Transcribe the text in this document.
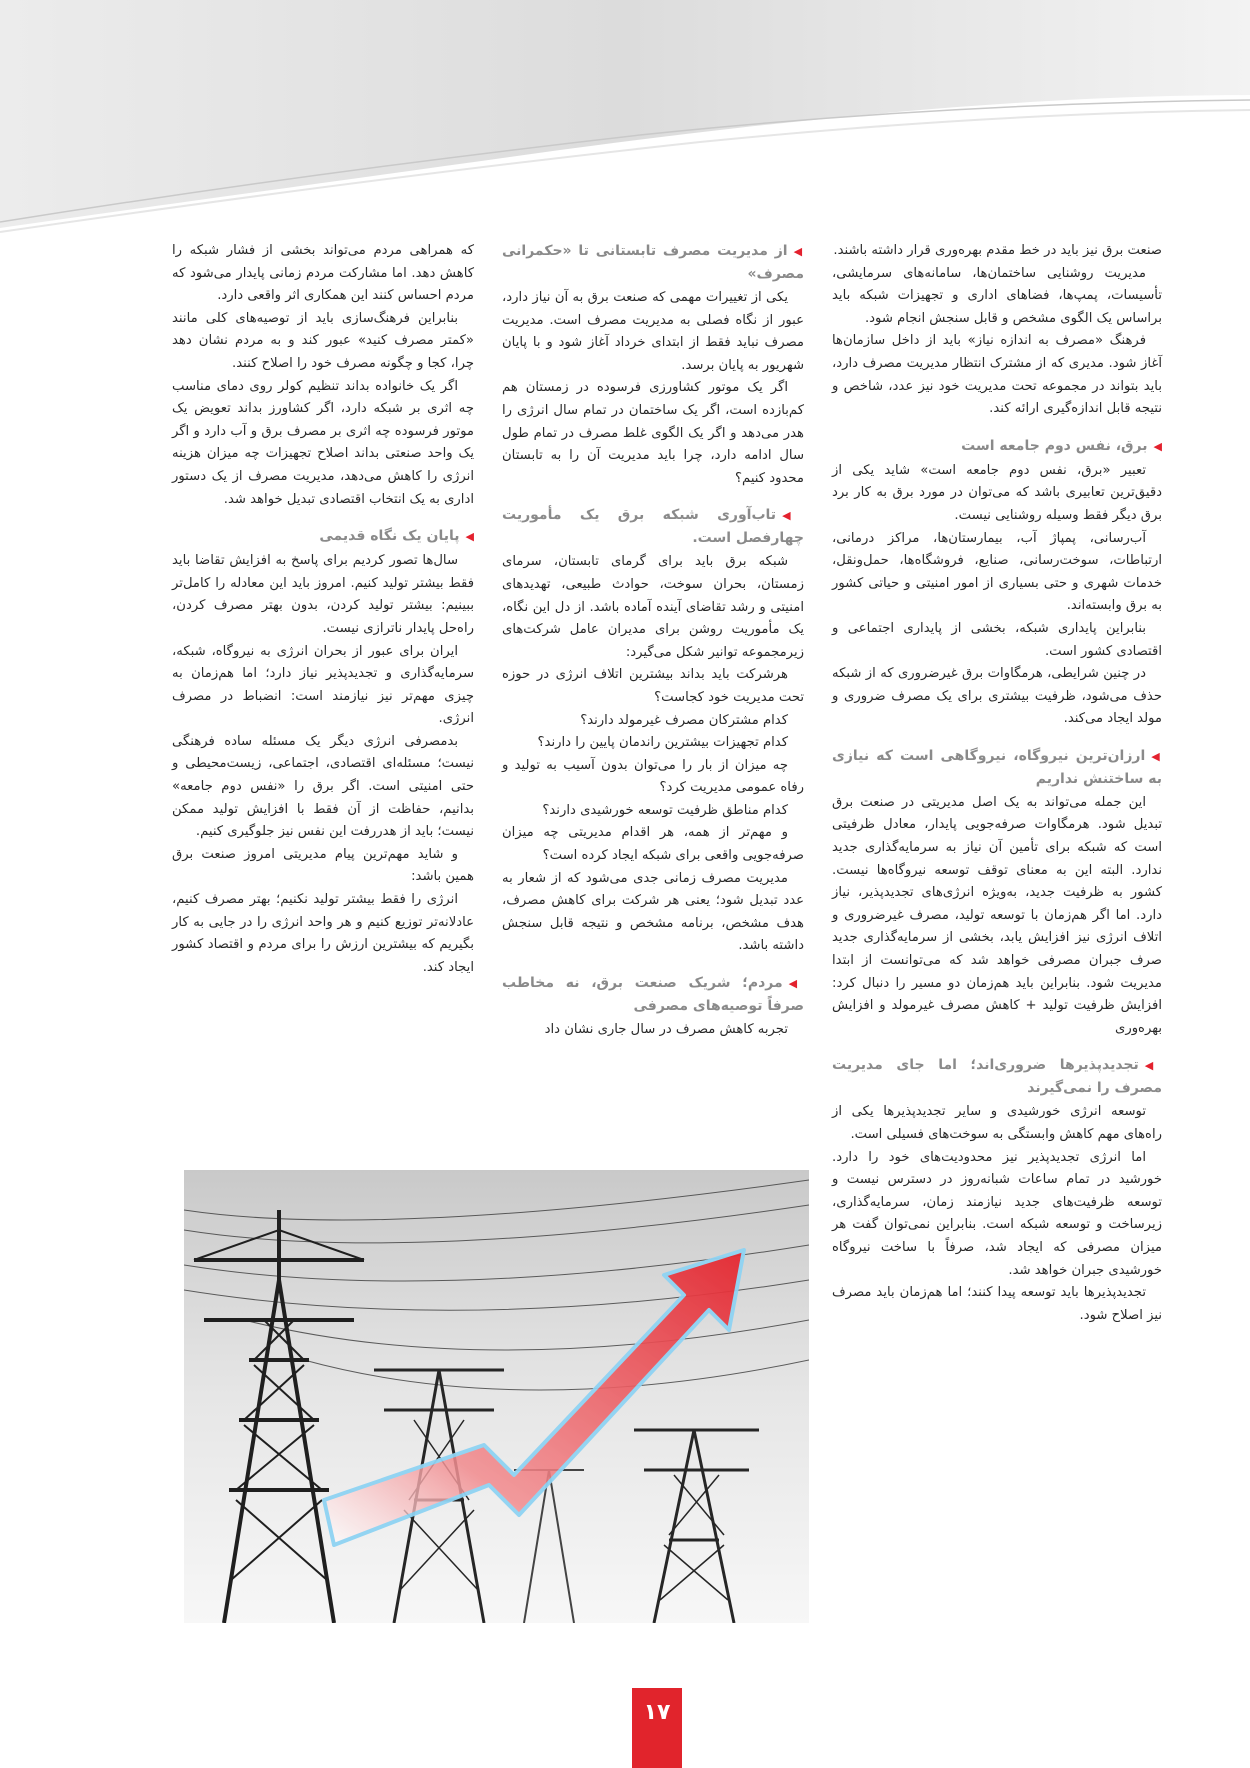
صنعت برق نیز باید در خط مقدم بهره‌وری قرار داشته باشند.

مدیریت روشنایی ساختمان‌ها، سامانه‌های سرمایشی، تأسیسات، پمپ‌ها، فضاهای اداری و تجهیزات شبکه باید براساس یک الگوی مشخص و قابل سنجش انجام شود.

فرهنگ «مصرف به اندازه نیاز» باید از داخل سازمان‌ها آغاز شود. مدیری که از مشترک انتظار مدیریت مصرف دارد، باید بتواند در مجموعه تحت مدیریت خود نیز عدد، شاخص و نتیجه قابل اندازه‌گیری ارائه کند.

◀برق، نفس دوم جامعه است

تعبیر «برق، نفس دوم جامعه است» شاید یکی از دقیق‌ترین تعابیری باشد که می‌توان در مورد برق به کار برد برق دیگر فقط وسیله روشنایی نیست.

آب‌رسانی، پمپاژ آب، بیمارستان‌ها، مراکز درمانی، ارتباطات، سوخت‌رسانی، صنایع، فروشگاه‌ها، حمل‌ونقل، خدمات شهری و حتی بسیاری از امور امنیتی و حیاتی کشور به برق وابسته‌اند.

بنابراین پایداری شبکه، بخشی از پایداری اجتماعی و اقتصادی کشور است.

در چنین شرایطی، هرمگاوات برق غیرضروری که از شبکه حذف می‌شود، ظرفیت بیشتری برای یک مصرف ضروری و مولد ایجاد می‌کند.

◀ارزان‌ترین نیروگاه، نیروگاهی است که نیازی به ساختنش نداریم

این جمله می‌تواند به یک اصل مدیریتی در صنعت برق تبدیل شود. هرمگاوات صرفه‌جویی پایدار، معادل ظرفیتی است که شبکه برای تأمین آن نیاز به سرمایه‌گذاری جدید ندارد. البته این به معنای توقف توسعه نیروگاه‌ها نیست. کشور به ظرفیت جدید، به‌ویژه انرژی‌های تجدیدپذیر، نیاز دارد. اما اگر هم‌زمان با توسعه تولید، مصرف غیرضروری و اتلاف انرژی نیز افزایش یابد، بخشی از سرمایه‌گذاری جدید صرف جبران مصرفی خواهد شد که می‌توانست از ابتدا مدیریت شود. بنابراین باید هم‌زمان دو مسیر را دنبال کرد: افزایش ظرفیت تولید + کاهش مصرف غیرمولد و افزایش بهره‌وری

◀تجدیدپذیرها ضروری‌اند؛ اما جای مدیریت مصرف را نمی‌گیرند

توسعه انرژی خورشیدی و سایر تجدیدپذیرها یکی از راه‌های مهم کاهش وابستگی به سوخت‌های فسیلی است.

اما انرژی تجدیدپذیر نیز محدودیت‌های خود را دارد. خورشید در تمام ساعات شبانه‌روز در دسترس نیست و توسعه ظرفیت‌های جدید نیازمند زمان، سرمایه‌گذاری، زیرساخت و توسعه شبکه است. بنابراین نمی‌توان گفت هر میزان مصرفی که ایجاد شد، صرفاً با ساخت نیروگاه خورشیدی جبران خواهد شد.

تجدیدپذیرها باید توسعه پیدا کنند؛ اما هم‌زمان باید مصرف نیز اصلاح شود.

◀از مدیریت مصرف تابستانی تا «حکمرانی مصرف»

یکی از تغییرات مهمی که صنعت برق به آن نیاز دارد، عبور از نگاه فصلی به مدیریت مصرف است. مدیریت مصرف نباید فقط از ابتدای خرداد آغاز شود و با پایان شهریور به پایان برسد.

اگر یک موتور کشاورزی فرسوده در زمستان هم کم‌بازده است، اگر یک ساختمان در تمام سال انرژی را هدر می‌دهد و اگر یک الگوی غلط مصرف در تمام طول سال ادامه دارد، چرا باید مدیریت آن را به تابستان محدود کنیم؟

◀تاب‌آوری شبکه برق یک مأموریت چهارفصل است.

شبکه برق باید برای گرمای تابستان، سرمای زمستان، بحران سوخت، حوادث طبیعی، تهدیدهای امنیتی و رشد تقاضای آینده آماده باشد. از دل این نگاه، یک مأموریت روشن برای مدیران عامل شرکت‌های زیرمجموعه توانیر شکل می‌گیرد:

هرشرکت باید بداند بیشترین اتلاف انرژی در حوزه تحت مدیریت خود کجاست؟

کدام مشترکان مصرف غیرمولد دارند؟

کدام تجهیزات بیشترین راندمان پایین را دارند؟

چه میزان از بار را می‌توان بدون آسیب به تولید و رفاه عمومی مدیریت کرد؟

کدام مناطق ظرفیت توسعه خورشیدی دارند؟

و مهم‌تر از همه، هر اقدام مدیریتی چه میزان صرفه‌جویی واقعی برای شبکه ایجاد کرده است؟

مدیریت مصرف زمانی جدی می‌شود که از شعار به عدد تبدیل شود؛ یعنی هر شرکت برای کاهش مصرف، هدف مشخص، برنامه مشخص و نتیجه قابل سنجش داشته باشد.

◀مردم؛ شریک صنعت برق، نه مخاطب صرفاً توصیه‌های مصرفی

تجربه کاهش مصرف در سال جاری نشان داد

که همراهی مردم می‌تواند بخشی از فشار شبکه را کاهش دهد. اما مشارکت مردم زمانی پایدار می‌شود که مردم احساس کنند این همکاری اثر واقعی دارد.

بنابراین فرهنگ‌سازی باید از توصیه‌های کلی مانند «کمتر مصرف کنید» عبور کند و به مردم نشان دهد چرا، کجا و چگونه مصرف خود را اصلاح کنند.

اگر یک خانواده بداند تنظیم کولر روی دمای مناسب چه اثری بر شبکه دارد، اگر کشاورز بداند تعویض یک موتور فرسوده چه اثری بر مصرف برق و آب دارد و اگر یک واحد صنعتی بداند اصلاح تجهیزات چه میزان هزینه انرژی را کاهش می‌دهد، مدیریت مصرف از یک دستور اداری به یک انتخاب اقتصادی تبدیل خواهد شد.

◀پایان یک نگاه قدیمی

سال‌ها تصور کردیم برای پاسخ به افزایش تقاضا باید فقط بیشتر تولید کنیم. امروز باید این معادله را کامل‌تر ببینیم: بیشتر تولید کردن، بدون بهتر مصرف کردن، راه‌حل پایدار ناترازی نیست.

ایران برای عبور از بحران انرژی به نیروگاه، شبکه، سرمایه‌گذاری و تجدیدپذیر نیاز دارد؛ اما هم‌زمان به چیزی مهم‌تر نیز نیازمند است: انضباط در مصرف انرژی.

بدمصرفی انرژی دیگر یک مسئله ساده فرهنگی نیست؛ مسئله‌ای اقتصادی، اجتماعی، زیست‌محیطی و حتی امنیتی است. اگر برق را «نفس دوم جامعه» بدانیم، حفاظت از آن فقط با افزایش تولید ممکن نیست؛ باید از هدررفت این نفس نیز جلوگیری کنیم.

و شاید مهم‌ترین پیام مدیریتی امروز صنعت برق همین باشد:

انرژی را فقط بیشتر تولید نکنیم؛ بهتر مصرف کنیم، عادلانه‌تر توزیع کنیم و هر واحد انرژی را در جایی به کار بگیریم که بیشترین ارزش را برای مردم و اقتصاد کشور ایجاد کند.

۱۷
